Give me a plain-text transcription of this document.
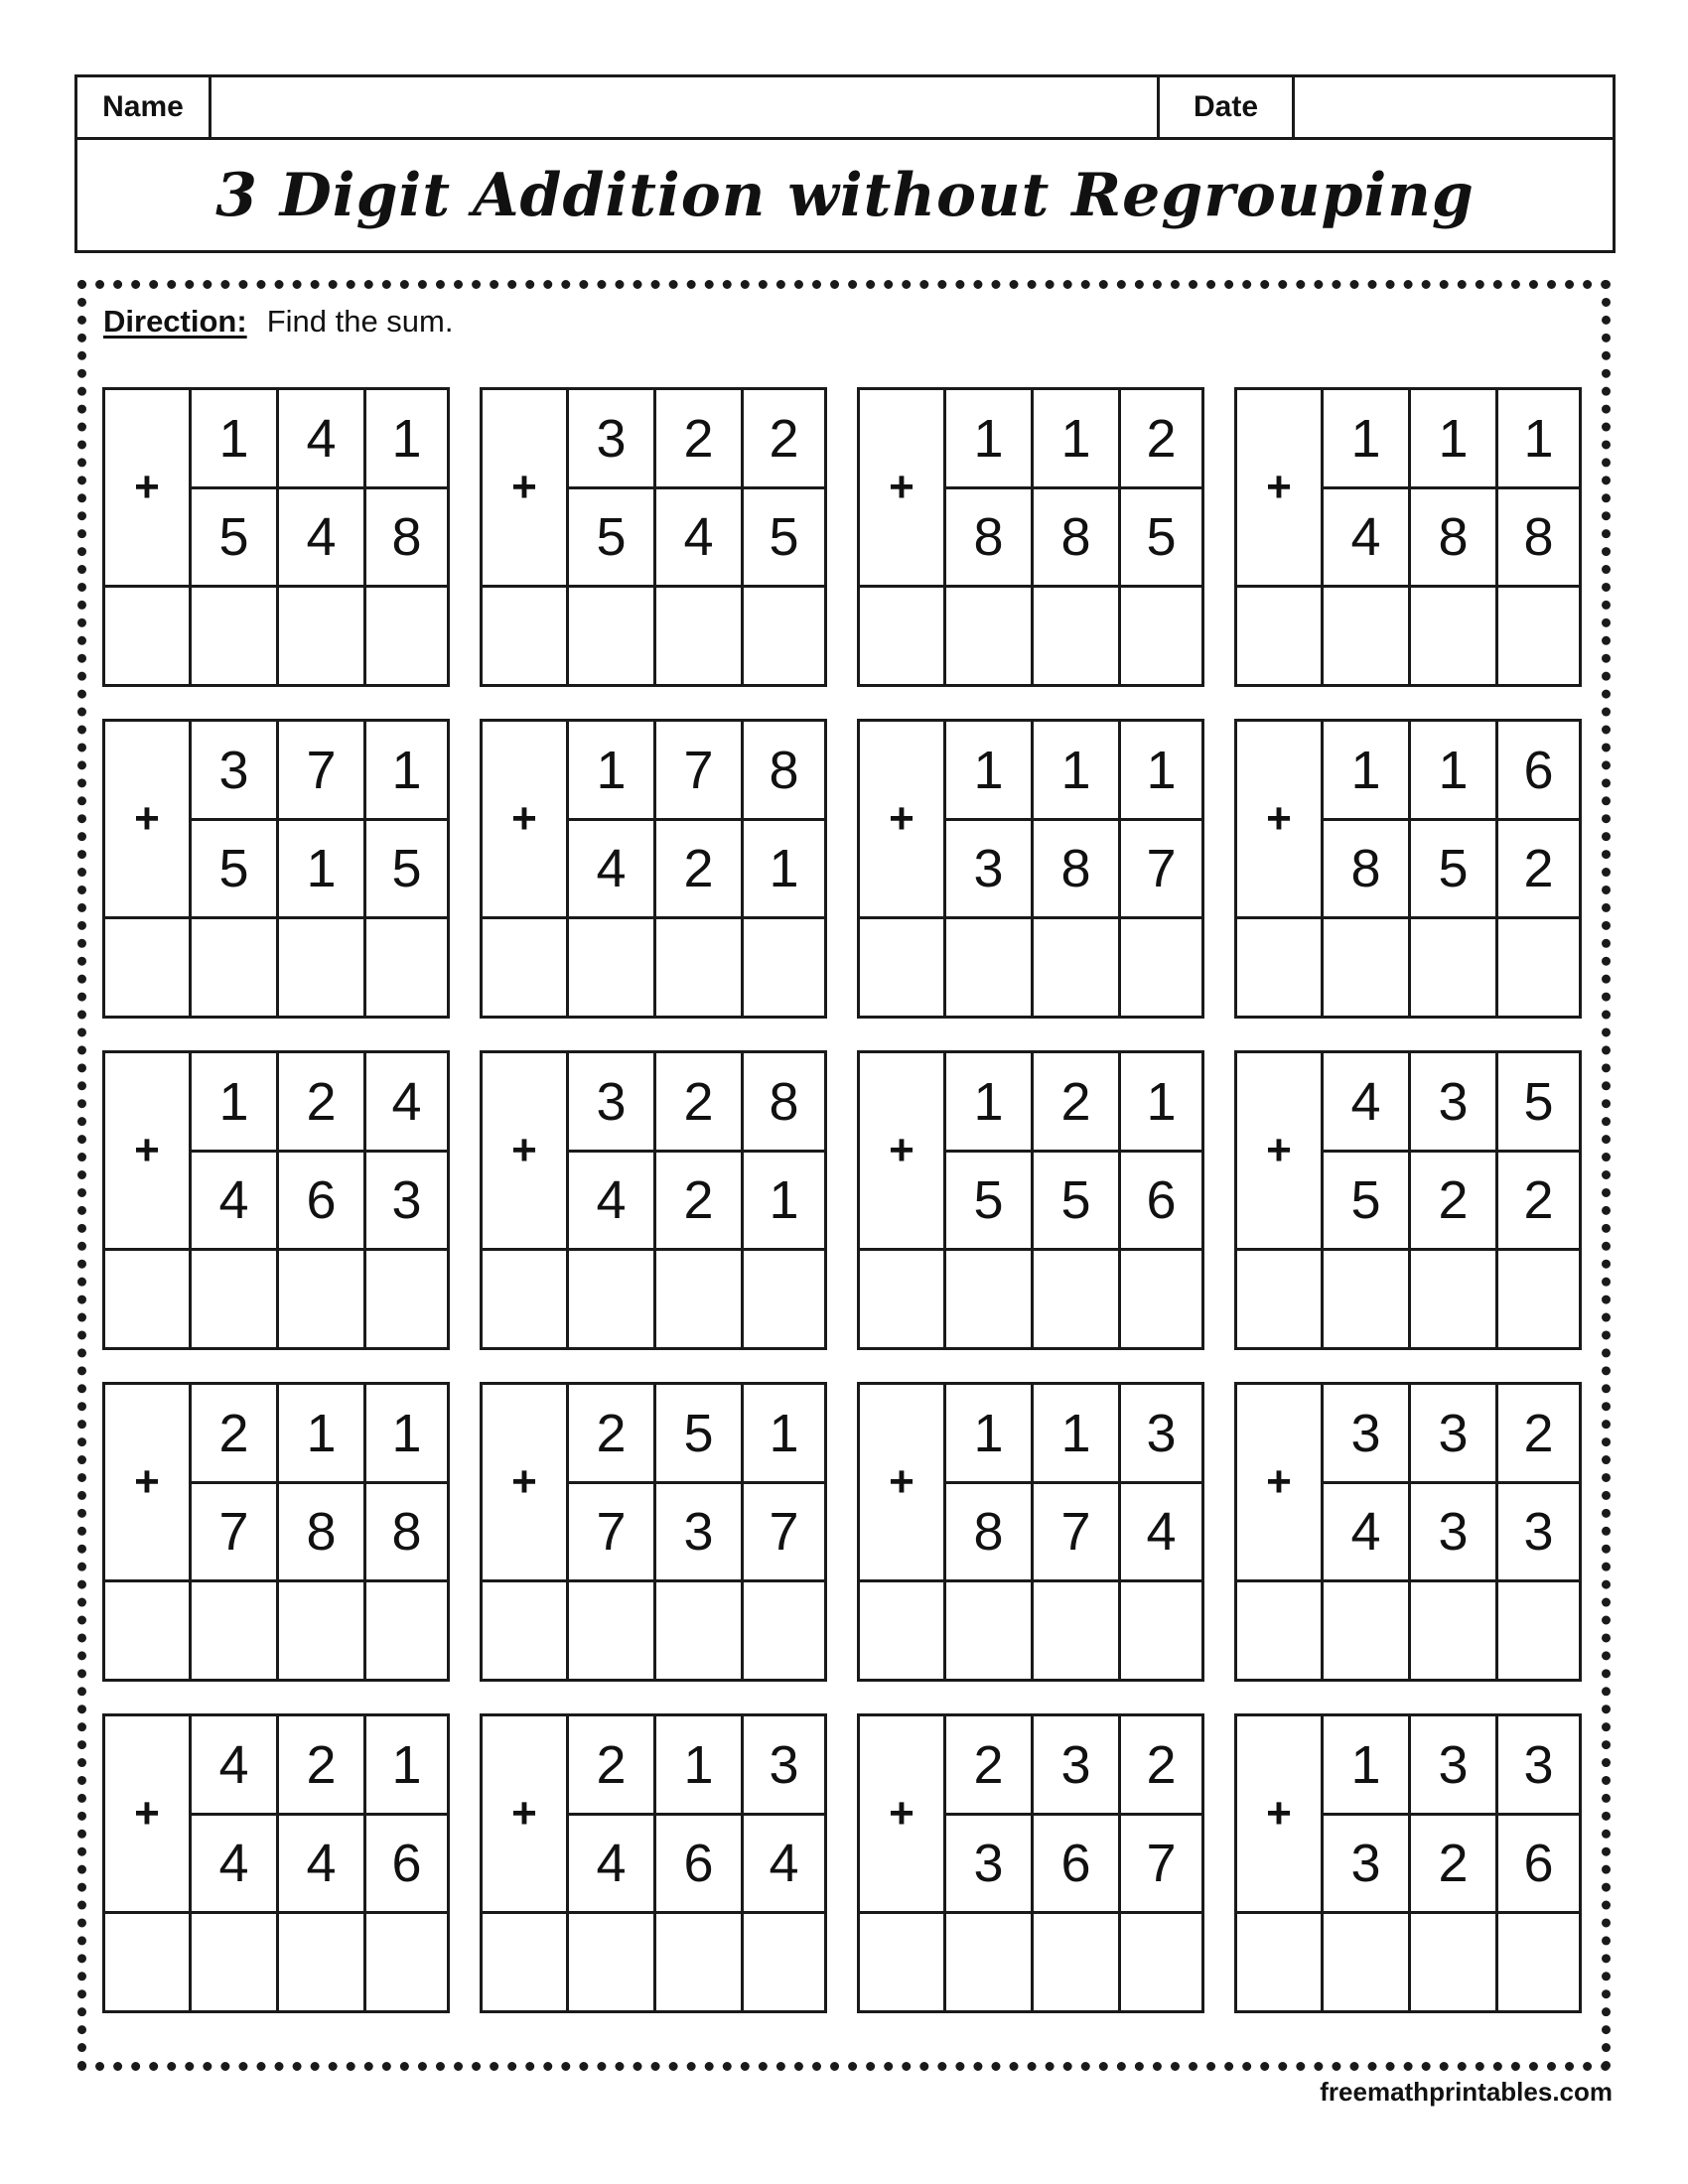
Name	Date
3 Digit Addition without Regrouping
Direction: Find the sum.
+
1	4	1
5	4	8
+
3	2	2
5	4	5
+
1	1	2
8	8	5
+
1	1	1
4	8	8
+
3	7	1
5	1	5
+
1	7	8
4	2	1
+
1	1	1
3	8	7
+
1	1	6
8	5	2
+
1	2	4
4	6	3
+
3	2	8
4	2	1
+
1	2	1
5	5	6
+
4	3	5
5	2	2
+
2	1	1
7	8	8
+
2	5	1
7	3	7
+
1	1	3
8	7	4
+
3	3	2
4	3	3
+
4	2	1
4	4	6
+
2	1	3
4	6	4
+
2	3	2
3	6	7
+
1	3	3
3	2	6
freemathprintables.com
